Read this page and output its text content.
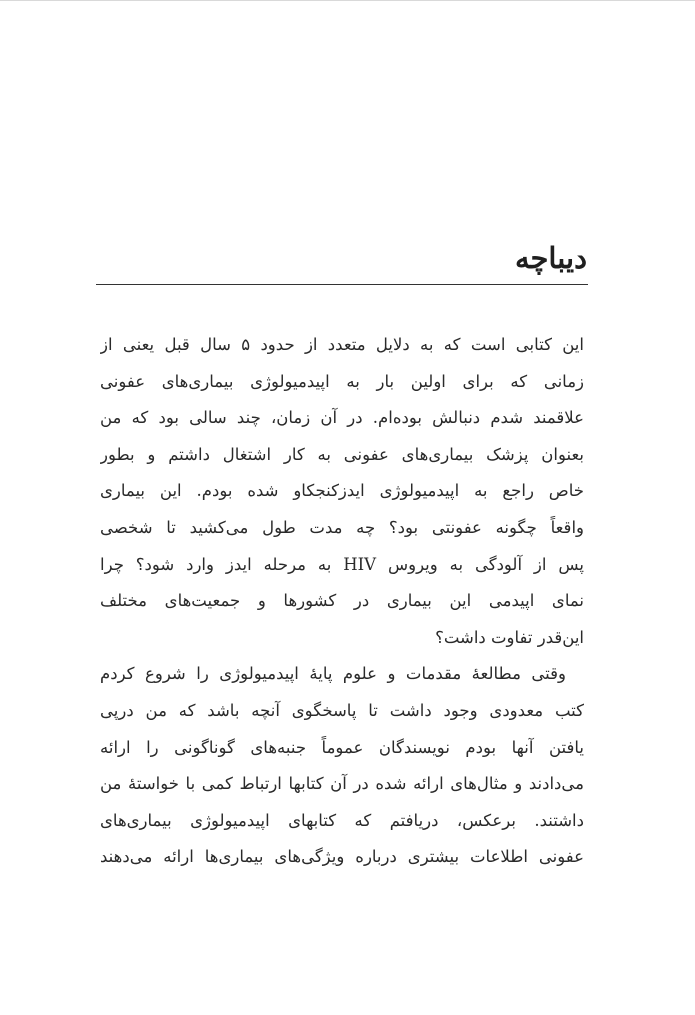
دیباچه
این کتابی است که به دلایل متعدد از حدود ۵ سال قبل یعنی از
زمانی که برای اولین بار به اپیدمیولوژی بیماری‌های عفونی
علاقمند شدم دنبالش بوده‌ام. در آن زمان، چند سالی بود که من
بعنوان پزشک بیماری‌های عفونی به کار اشتغال داشتم و بطور
خاص راجع به اپیدمیولوژی ایدزکنجکاو شده بودم. این بیماری
واقعاً چگونه عفونتی بود؟ چه مدت طول می‌کشید تا شخصی
پس از آلودگی به ویروس HIV به مرحله ایدز وارد شود؟ چرا
نمای اپیدمی این بیماری در کشورها و جمعیت‌های مختلف
این‌قدر تفاوت داشت؟
وقتی مطالعهٔ مقدمات و علوم پایهٔ اپیدمیولوژی را شروع کردم
کتب معدودی وجود داشت تا پاسخگوی آنچه باشد که من درپی
یافتن آنها بودم نویسندگان عموماً جنبه‌های گوناگونی را ارائه
می‌دادند و مثال‌های ارائه شده در آن کتابها ارتباط کمی با خواستهٔ من
داشتند. برعکس، دریافتم که کتابهای اپیدمیولوژی بیماری‌های
عفونی اطلاعات بیشتری درباره ویژگی‌های بیماری‌ها ارائه می‌دهند
